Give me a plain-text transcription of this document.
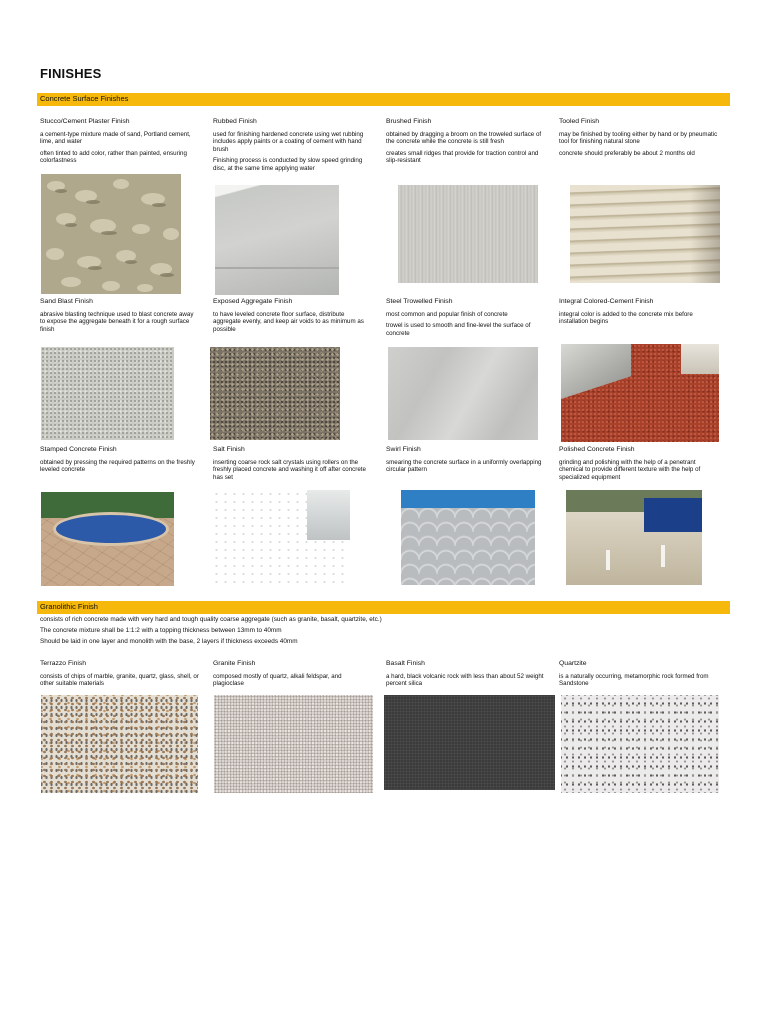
FINISHES
Concrete Surface Finishes
Stucco/Cement Plaster Finish

a cement-type mixture made of sand, Portland cement, lime, and water

often tinted to add color, rather than painted, ensuring colorfastness

Rubbed Finish

used for finishing hardened concrete using wet rubbing includes apply paints or a coating of cement with hand brush

Finishing process is conducted by slow speed grinding disc, at the same time applying water

Brushed Finish

obtained by dragging a broom on the troweled surface of the concrete while the concrete is still fresh

creates small ridges that provide for traction control and slip-resistant

Tooled Finish

may be finished by tooling either by hand or by pneumatic tool for finishing natural stone

concrete should preferably be about 2 months old

Sand Blast Finish

abrasive blasting technique used to blast concrete away to expose the aggregate beneath it for a rough surface finish

Exposed Aggregate Finish

to have leveled concrete floor surface, distribute aggregate evenly, and keep air voids to as minimum as possible

Steel Trowelled Finish

most common and popular finish of concrete

trowel is used to smooth and fine-level the surface of concrete

Integral Colored-Cement Finish

integral color is added to the concrete mix before installation begins

Stamped Concrete Finish

obtained by pressing the required patterns on the freshly leveled concrete

Salt Finish

inserting coarse rock salt crystals using rollers on the freshly placed concrete and washing it off after concrete has set

Swirl Finish

smearing the concrete surface in a uniformly overlapping circular pattern

Polished Concrete Finish

grinding and polishing with the help of a penetrant chemical to provide different texture with the help of specialized equipment

Granolithic Finish

consists of rich concrete made with very hard and tough quality coarse aggregate (such as granite, basalt, quartzite, etc.)

The concrete mixture shall be 1:1:2 with a topping thickness between 13mm to 40mm

Should be laid in one layer and monolith with the base, 2 layers if thickness exceeds 40mm

Terrazzo Finish

consists of chips of marble, granite, quartz, glass, shell, or other suitable materials

Granite Finish

composed mostly of quartz, alkali feldspar, and plagioclase

Basalt Finish

a hard, black volcanic rock with less than about 52 weight percent silica

Quartzite

is a naturally occurring, metamorphic rock formed from Sandstone
